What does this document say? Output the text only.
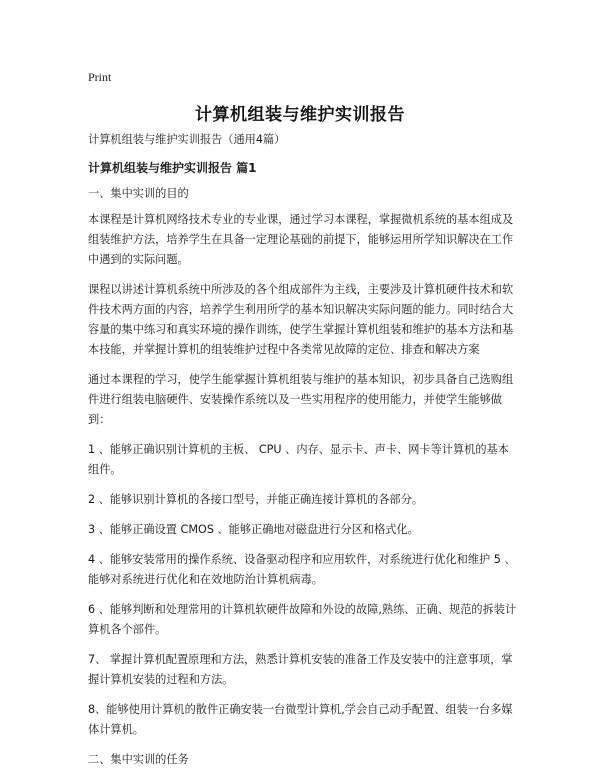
Print
计算机组装与维护实训报告

计算机组装与维护实训报告（通用4篇）

计算机组装与维护实训报告 篇1

一、集中实训的目的

本课程是计算机网络技术专业的专业课，通过学习本课程，掌握微机系统的基本组成及组装维护方法，培养学生在具备一定理论基础的前提下，能够运用所学知识解决在工作中遇到的实际问题。

课程以讲述计算机系统中所涉及的各个组成部件为主线，主要涉及计算机硬件技术和软件技术两方面的内容，培养学生利用所学的基本知识解决实际问题的能力。同时结合大容量的集中练习和真实环境的操作训练，使学生掌握计算机组装和维护的基本方法和基本技能，并掌握计算机的组装维护过程中各类常见故障的定位、排查和解决方案

通过本课程的学习，使学生能掌握计算机组装与维护的基本知识，初步具备自己选购组件进行组装电脑硬件、安装操作系统以及一些实用程序的使用能力，并使学生能够做到：

1 、能够正确识别计算机的主板、 CPU 、内存、显示卡、声卡、网卡等计算机的基本组件。

2 、能够识别计算机的各接口型号，并能正确连接计算机的各部分。

3 、能够正确设置 CMOS 、能够正确地对磁盘进行分区和格式化。

4 、能够安装常用的操作系统、设备驱动程序和应用软件，对系统进行优化和维护 5 、能够对系统进行优化和在效地防治计算机病毒。

6 、能够判断和处理常用的计算机软硬件故障和外设的故障,熟练、正确、规范的拆装计算机各个部件。

7、 掌握计算机配置原理和方法，熟悉计算机安装的准备工作及安装中的注意事项，掌握计算机安装的过程和方法。

8、能够使用计算机的散件正确安装一台微型计算机,学会自己动手配置、组装一台多媒体计算机。

二、集中实训的任务
